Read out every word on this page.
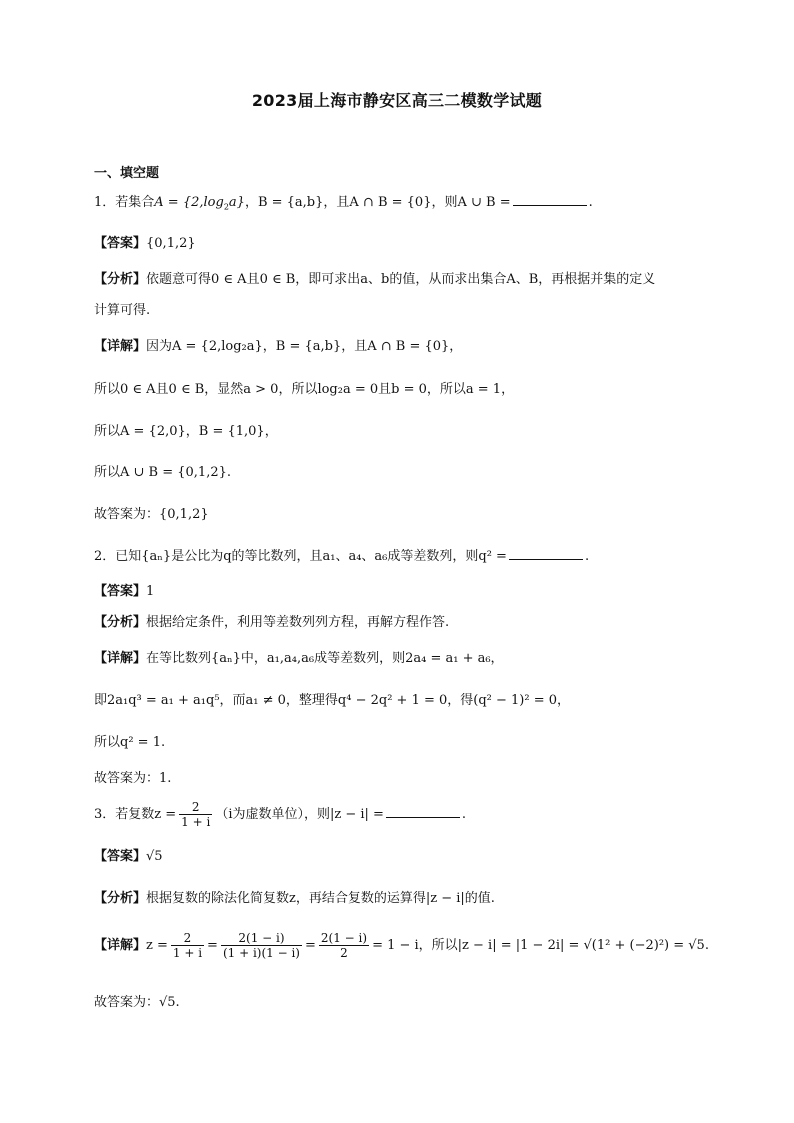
2023届上海市静安区高三二模数学试题
一、填空题
1．若集合$A = \{2,\log_2a\}$，B = {a,b}，且A ∩ B = {0}，则A ∪ B =	.
【答案】{0,1,2}
【分析】依题意可得0 ∈ A且0 ∈ B，即可求出a、b的值，从而求出集合A、B，再根据并集的定义
计算可得.
【详解】因为A = {2,log₂a}，B = {a,b}，且A ∩ B = {0}，
所以0 ∈ A且0 ∈ B，显然a > 0，所以log₂a = 0且b = 0，所以a = 1，
所以A = {2,0}，B = {1,0}，
所以A ∪ B = {0,1,2}.
故答案为：{0,1,2}
2．已知{aₙ}是公比为q的等比数列，且a₁、a₄、a₆成等差数列，则q² =	.
【答案】1
【分析】根据给定条件，利用等差数列列方程，再解方程作答.
【详解】在等比数列{aₙ}中，a₁,a₄,a₆成等差数列，则2a₄ = a₁ + a₆，
即2a₁q³ = a₁ + a₁q⁵，而a₁ ≠ 0，整理得q⁴ − 2q² + 1 = 0，得(q² − 1)² = 0，
所以q² = 1.
故答案为：1.
3．若复数$z = \frac{2}{1 + i} (i$为虚数单位），则|z − i| =	.
【答案】√5
【分析】根据复数的除法化简复数z，再结合复数的运算得|z − i|的值.
【详解】$z = \frac{2}{1 + i} = \frac{2(1 - i)}{(1 + i)(1 - i)} = \frac{2(1 - i)}{2} = 1 - i$，所以|z − i| = |1 − 2i| = √(1² + (−2)²) = √5.
故答案为：√5.
